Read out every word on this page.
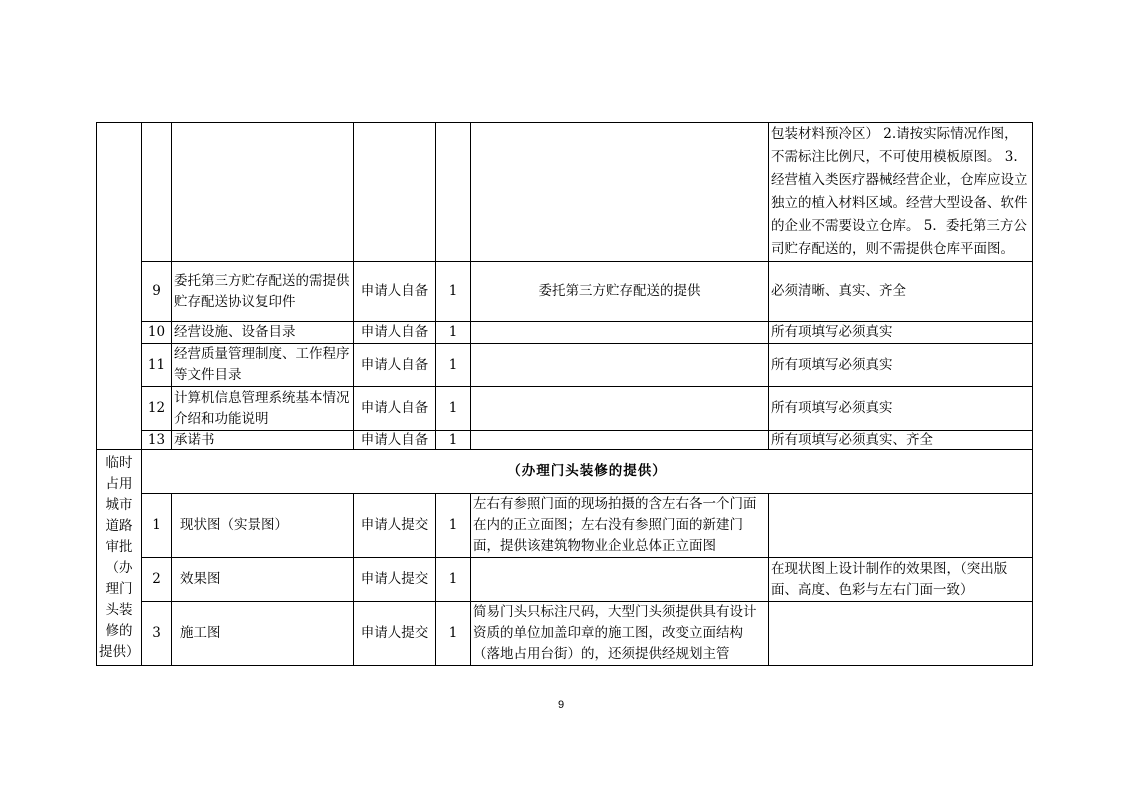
						包装材料预冷区） 2.请按实际情况作图，不需标注比例尺，不可使用模板原图。 3.经营植入类医疗器械经营企业，仓库应设立独立的植入材料区域。经营大型设备、软件的企业不需要设立仓库。 5．委托第三方公司贮存配送的，则不需提供仓库平面图。
	9	委托第三方贮存配送的需提供贮存配送协议复印件	申请人自备	1	委托第三方贮存配送的提供	必须清晰、真实、齐全
	10	经营设施、设备目录	申请人自备	1		所有项填写必须真实
	11	经营质量管理制度、工作程序等文件目录	申请人自备	1		所有项填写必须真实
	12	计算机信息管理系统基本情况介绍和功能说明	申请人自备	1		所有项填写必须真实
	13	承诺书	申请人自备	1		所有项填写必须真实、齐全
临时占用城市道路审批（办理门头装修的提供）	（办理门头装修的提供）					
	1	现状图（实景图）	申请人提交	1	左右有参照门面的现场拍摄的含左右各一个门面在内的正立面图；左右没有参照门面的新建门面，提供该建筑物物业企业总体正立面图	
	2	效果图	申请人提交	1		在现状图上设计制作的效果图，（突出版面、高度、色彩与左右门面一致）
	3	施工图	申请人提交	1	简易门头只标注尺码，大型门头须提供具有设计资质的单位加盖印章的施工图，改变立面结构（落地占用台街）的，还须提供经规划主管	
9
